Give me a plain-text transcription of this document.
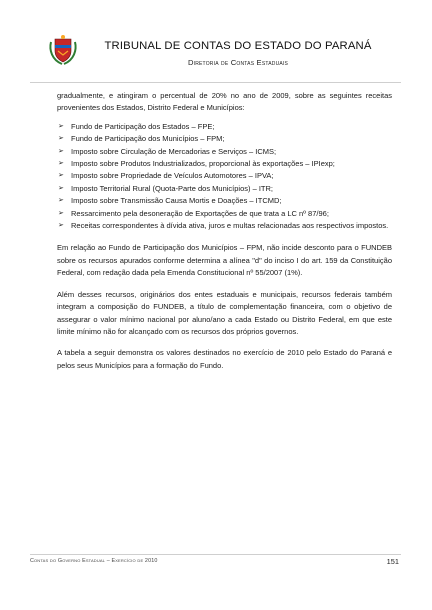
TRIBUNAL DE CONTAS DO ESTADO DO PARANÁ
Diretoria de Contas Estaduais

gradualmente, e atingiram o percentual de 20% no ano de 2009, sobre as seguintes receitas provenientes dos Estados, Distrito Federal e Municípios:

➢ Fundo de Participação dos Estados – FPE;
➢ Fundo de Participação dos Municípios – FPM;
➢ Imposto sobre Circulação de Mercadorias e Serviços – ICMS;
➢ Imposto sobre Produtos Industrializados, proporcional às exportações – IPIexp;
➢ Imposto sobre Propriedade de Veículos Automotores – IPVA;
➢ Imposto Territorial Rural (Quota-Parte dos Municípios) – ITR;
➢ Imposto sobre Transmissão Causa Mortis e Doações – ITCMD;
➢ Ressarcimento pela desoneração de Exportações de que trata a LC nº 87/96;
➢ Receitas correspondentes à dívida ativa, juros e multas relacionadas aos respectivos impostos.

Em relação ao Fundo de Participação dos Municípios – FPM, não incide desconto para o FUNDEB sobre os recursos apurados conforme determina a alínea "d" do inciso I do art. 159 da Constituição Federal, com redação dada pela Emenda Constitucional nº 55/2007 (1%).

Além desses recursos, originários dos entes estaduais e municipais, recursos federais também integram a composição do FUNDEB, a título de complementação financeira, com o objetivo de assegurar o valor mínimo nacional por aluno/ano a cada Estado ou Distrito Federal, em que este limite mínimo não for alcançado com os recursos dos próprios governos.

A tabela a seguir demonstra os valores destinados no exercício de 2010 pelo Estado do Paraná e pelos seus Municípios para a formação do Fundo.

Contas do Governo Estadual – Exercício de 2010	151
